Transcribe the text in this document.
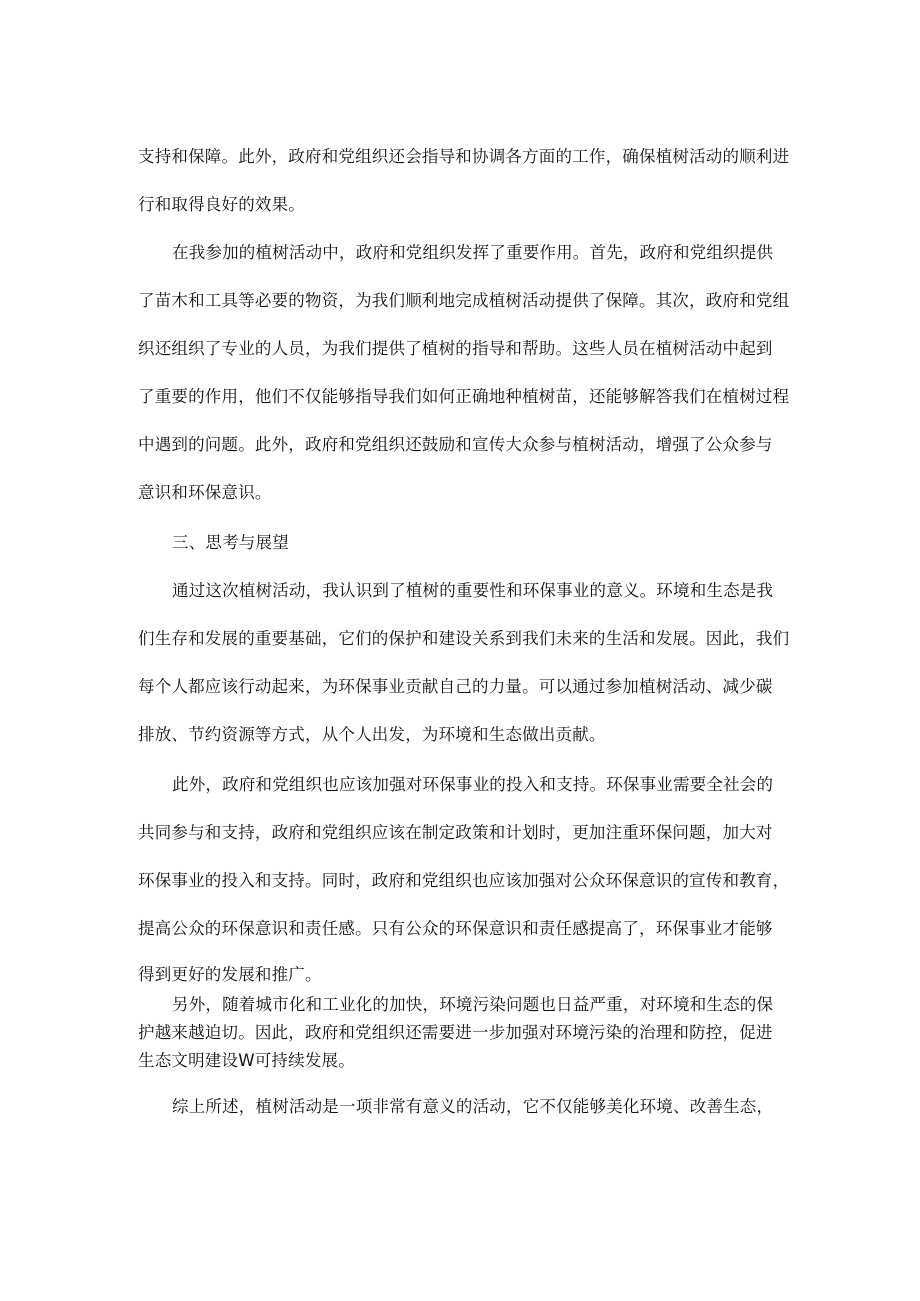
支持和保障。此外，政府和党组织还会指导和协调各方面的工作，确保植树活动的顺利进
行和取得良好的效果。
在我参加的植树活动中，政府和党组织发挥了重要作用。首先，政府和党组织提供
了苗木和工具等必要的物资，为我们顺利地完成植树活动提供了保障。其次，政府和党组
织还组织了专业的人员，为我们提供了植树的指导和帮助。这些人员在植树活动中起到
了重要的作用，他们不仅能够指导我们如何正确地种植树苗，还能够解答我们在植树过程
中遇到的问题。此外，政府和党组织还鼓励和宣传大众参与植树活动，增强了公众参与
意识和环保意识。
三、思考与展望
通过这次植树活动，我认识到了植树的重要性和环保事业的意义。环境和生态是我
们生存和发展的重要基础，它们的保护和建设关系到我们未来的生活和发展。因此，我们
每个人都应该行动起来，为环保事业贡献自己的力量。可以通过参加植树活动、减少碳
排放、节约资源等方式，从个人出发，为环境和生态做出贡献。
此外，政府和党组织也应该加强对环保事业的投入和支持。环保事业需要全社会的
共同参与和支持，政府和党组织应该在制定政策和计划时，更加注重环保问题，加大对
环保事业的投入和支持。同时，政府和党组织也应该加强对公众环保意识的宣传和教育，
提高公众的环保意识和责任感。只有公众的环保意识和责任感提高了，环保事业才能够
得到更好的发展和推广。
另外，随着城市化和工业化的加快，环境污染问题也日益严重，对环境和生态的保
护越来越迫切。因此，政府和党组织还需要进一步加强对环境污染的治理和防控，促进
生态文明建设W可持续发展。
综上所述，植树活动是一项非常有意义的活动，它不仅能够美化环境、改善生态，
